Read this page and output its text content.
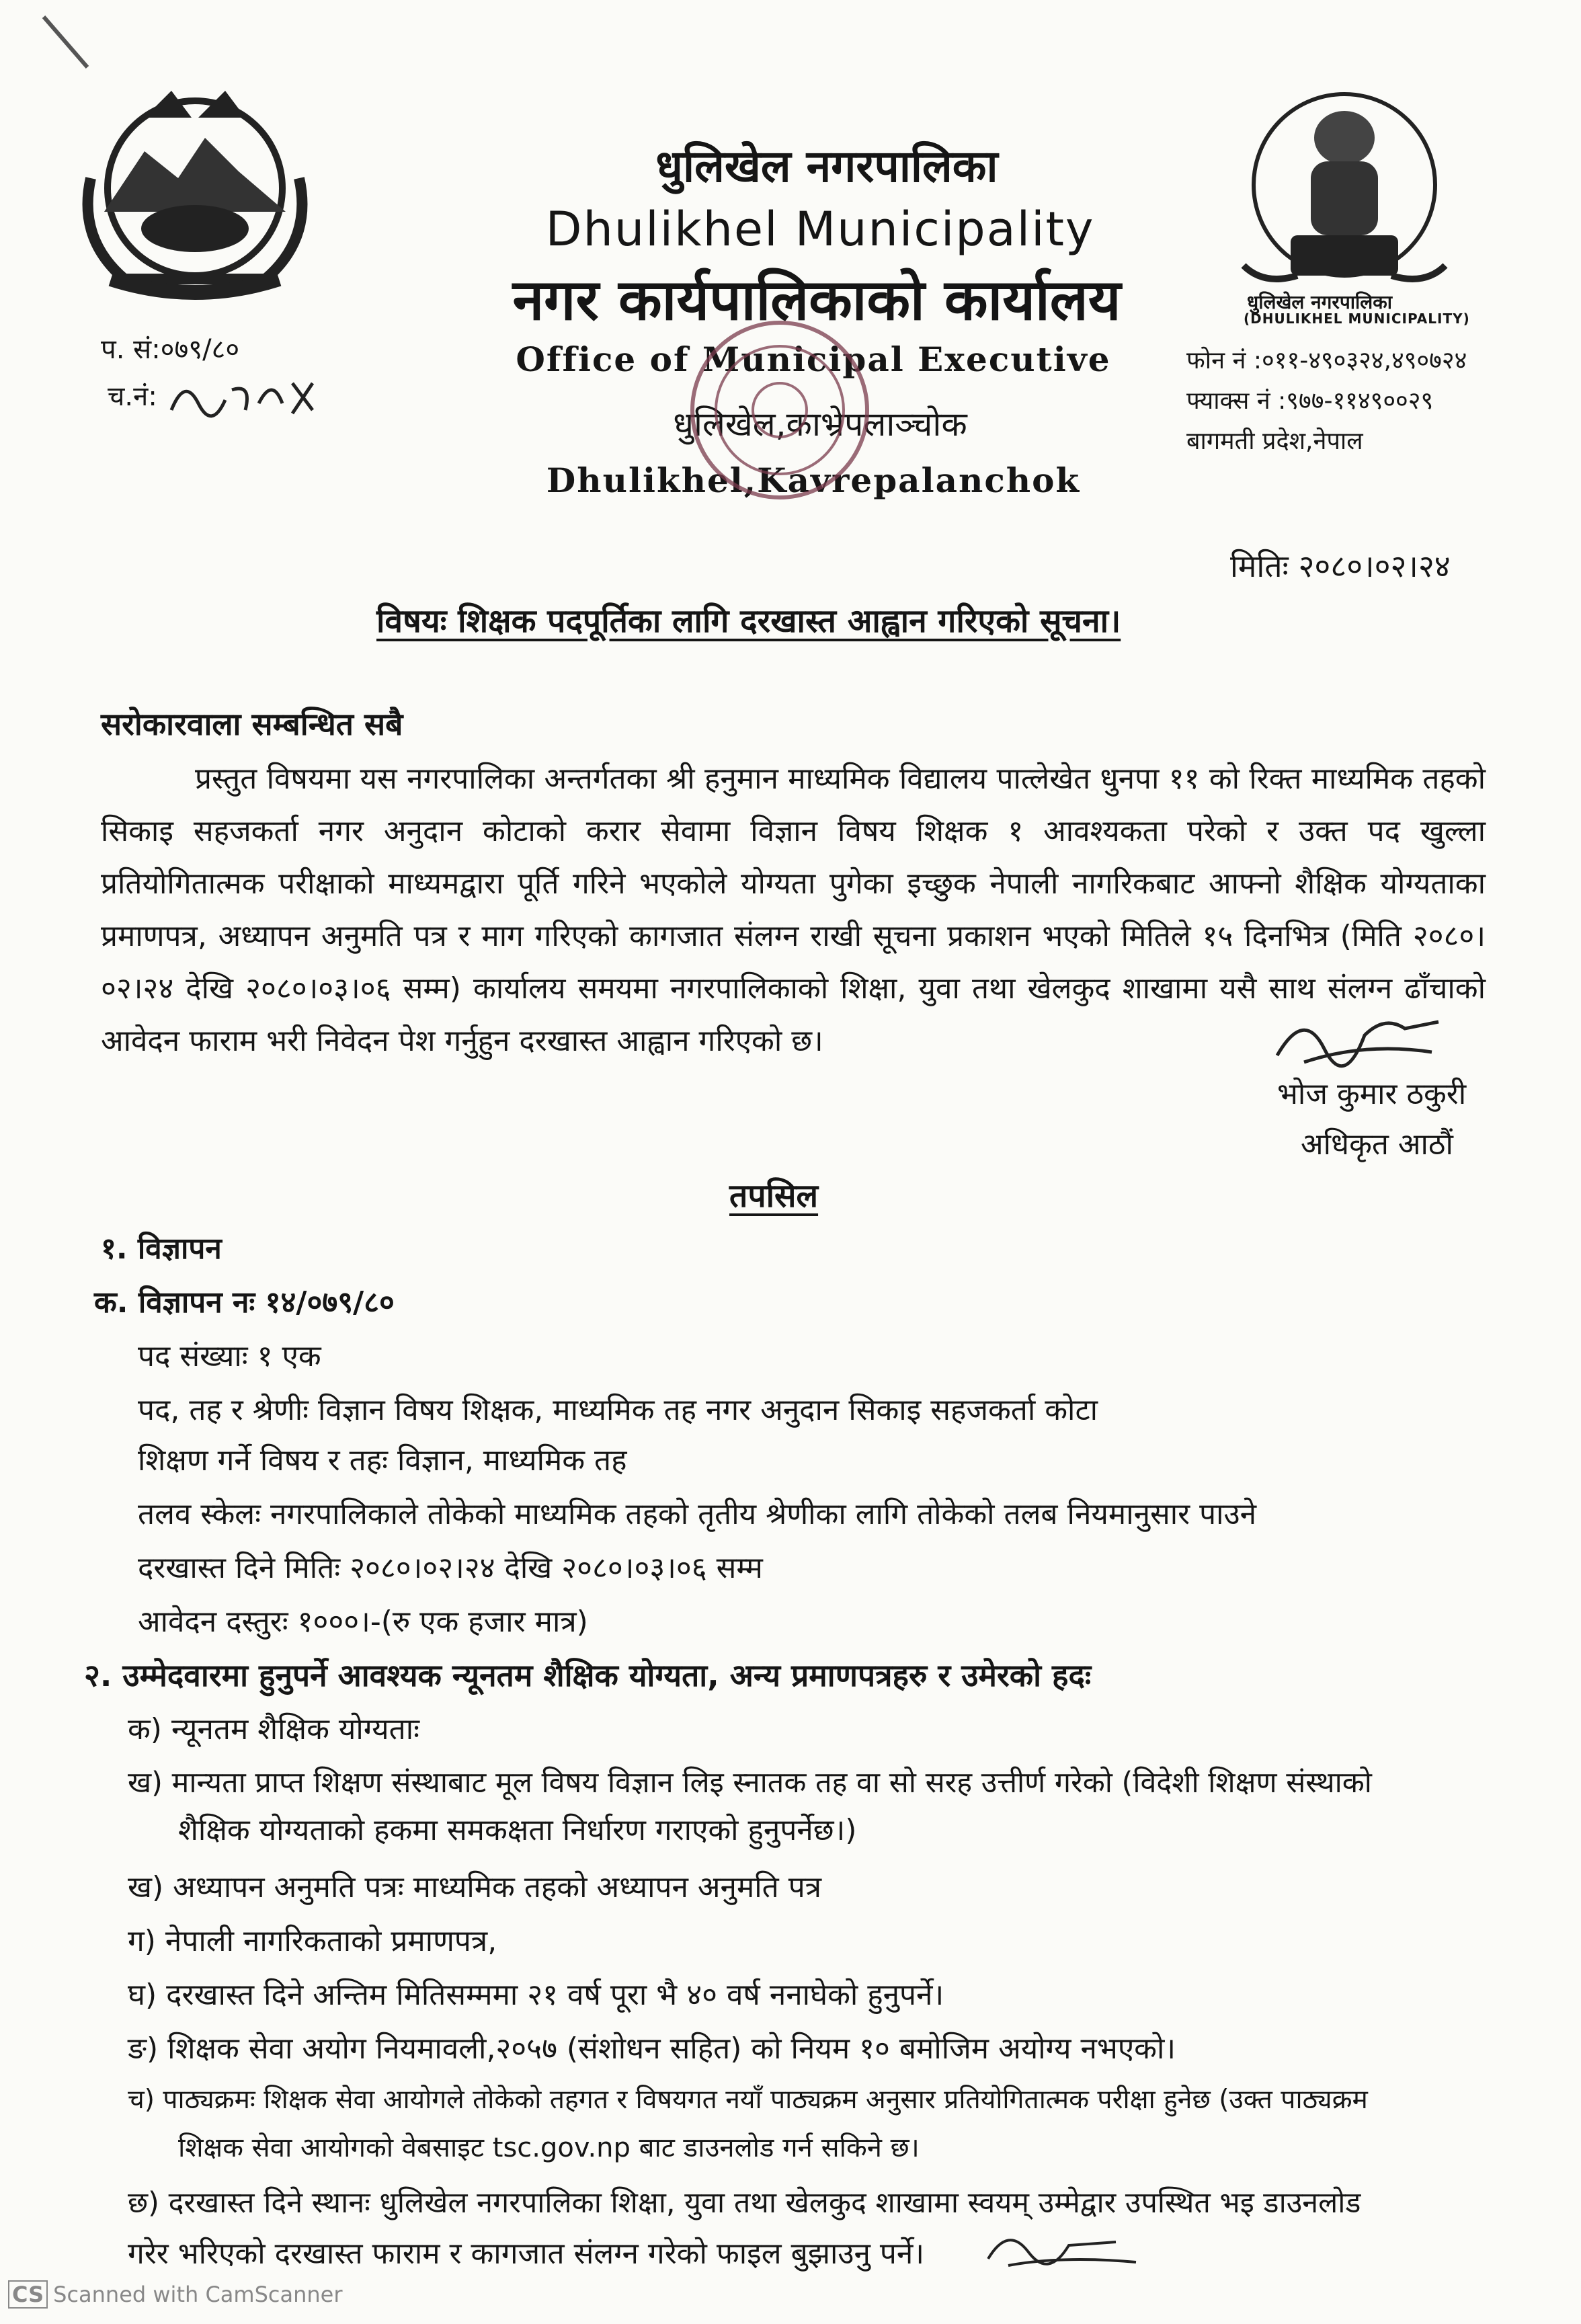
धुलिखेल नगरपालिका
(DHULIKHEL MUNICIPALITY)
धुलिखेल नगरपालिका
Dhulikhel Municipality
नगर कार्यपालिकाको कार्यालय
Office of Municipal Executive
धुलिखेल,काभ्रेपलाञ्चोक
Dhulikhel,Kavrepalanchok
प. सं:०७९/८०
च.नं:
फोन नं :०११-४९०३२४,४९०७२४
फ्याक्स नं :९७७-११४९००२९
बागमती प्रदेश,नेपाल
मितिः २०८०।०२।२४
विषयः शिक्षक पदपूर्तिका लागि दरखास्त आह्वान गरिएको सूचना।
सरोकारवाला सम्बन्धित सबै
प्रस्तुत विषयमा यस नगरपालिका अन्तर्गतका श्री हनुमान माध्यमिक विद्यालय पात्लेखेत धुनपा ११ को रिक्त माध्यमिक तहको सिकाइ सहजकर्ता नगर अनुदान कोटाको करार सेवामा विज्ञान विषय शिक्षक १ आवश्यकता परेको र उक्त पद खुल्ला प्रतियोगितात्मक परीक्षाको माध्यमद्वारा पूर्ति गरिने भएकोले योग्यता पुगेका इच्छुक नेपाली नागरिकबाट आफ्नो शैक्षिक योग्यताका प्रमाणपत्र, अध्यापन अनुमति पत्र र माग गरिएको कागजात संलग्न राखी सूचना प्रकाशन भएको मितिले १५ दिनभित्र (मिति २०८०।०२।२४ देखि २०८०।०३।०६ सम्म) कार्यालय समयमा नगरपालिकाको शिक्षा, युवा तथा खेलकुद शाखामा यसै साथ संलग्न ढाँचाको आवेदन फाराम भरी निवेदन पेश गर्नुहुन दरखास्त आह्वान गरिएको छ।
भोज कुमार ठकुरी
अधिकृत आठौं
तपसिल
१. विज्ञापन
क. विज्ञापन नः १४/०७९/८०
पद संख्याः १ एक
पद, तह र श्रेणीः विज्ञान विषय शिक्षक, माध्यमिक तह नगर अनुदान सिकाइ सहजकर्ता कोटा
शिक्षण गर्ने विषय र तहः विज्ञान, माध्यमिक तह
तलव स्केलः नगरपालिकाले तोकेको माध्यमिक तहको तृतीय श्रेणीका लागि तोकेको तलब नियमानुसार पाउने
दरखास्त दिने मितिः २०८०।०२।२४ देखि २०८०।०३।०६ सम्म
आवेदन दस्तुरः १०००।-(रु एक हजार मात्र)
२. उम्मेदवारमा हुनुपर्ने आवश्यक न्यूनतम शैक्षिक योग्यता, अन्य प्रमाणपत्रहरु र उमेरको हदः
क) न्यूनतम शैक्षिक योग्यताः
ख) मान्यता प्राप्त शिक्षण संस्थाबाट मूल विषय विज्ञान लिइ स्नातक तह वा सो सरह उत्तीर्ण गरेको (विदेशी शिक्षण संस्थाको
शैक्षिक योग्यताको हकमा समकक्षता निर्धारण गराएको हुनुपर्नेछ।)
ख) अध्यापन अनुमति पत्रः माध्यमिक तहको अध्यापन अनुमति पत्र
ग) नेपाली नागरिकताको प्रमाणपत्र,
घ) दरखास्त दिने अन्तिम मितिसम्ममा २१ वर्ष पूरा भै ४० वर्ष ननाघेको हुनुपर्ने।
ङ) शिक्षक सेवा अयोग नियमावली,२०५७ (संशोधन सहित) को नियम १० बमोजिम अयोग्य नभएको।
च) पाठ्यक्रमः शिक्षक सेवा आयोगले तोकेको तहगत र विषयगत नयाँ पाठ्यक्रम अनुसार प्रतियोगितात्मक परीक्षा हुनेछ (उक्त पाठ्यक्रम
शिक्षक सेवा आयोगको वेबसाइट tsc.gov.np बाट डाउनलोड गर्न सकिने छ।
छ) दरखास्त दिने स्थानः धुलिखेल नगरपालिका शिक्षा, युवा तथा खेलकुद शाखामा स्वयम् उम्मेद्वार उपस्थित भइ डाउनलोड
गरेर भरिएको दरखास्त फाराम र कागजात संलग्न गरेको फाइल बुझाउनु पर्ने।
CS Scanned with CamScanner
